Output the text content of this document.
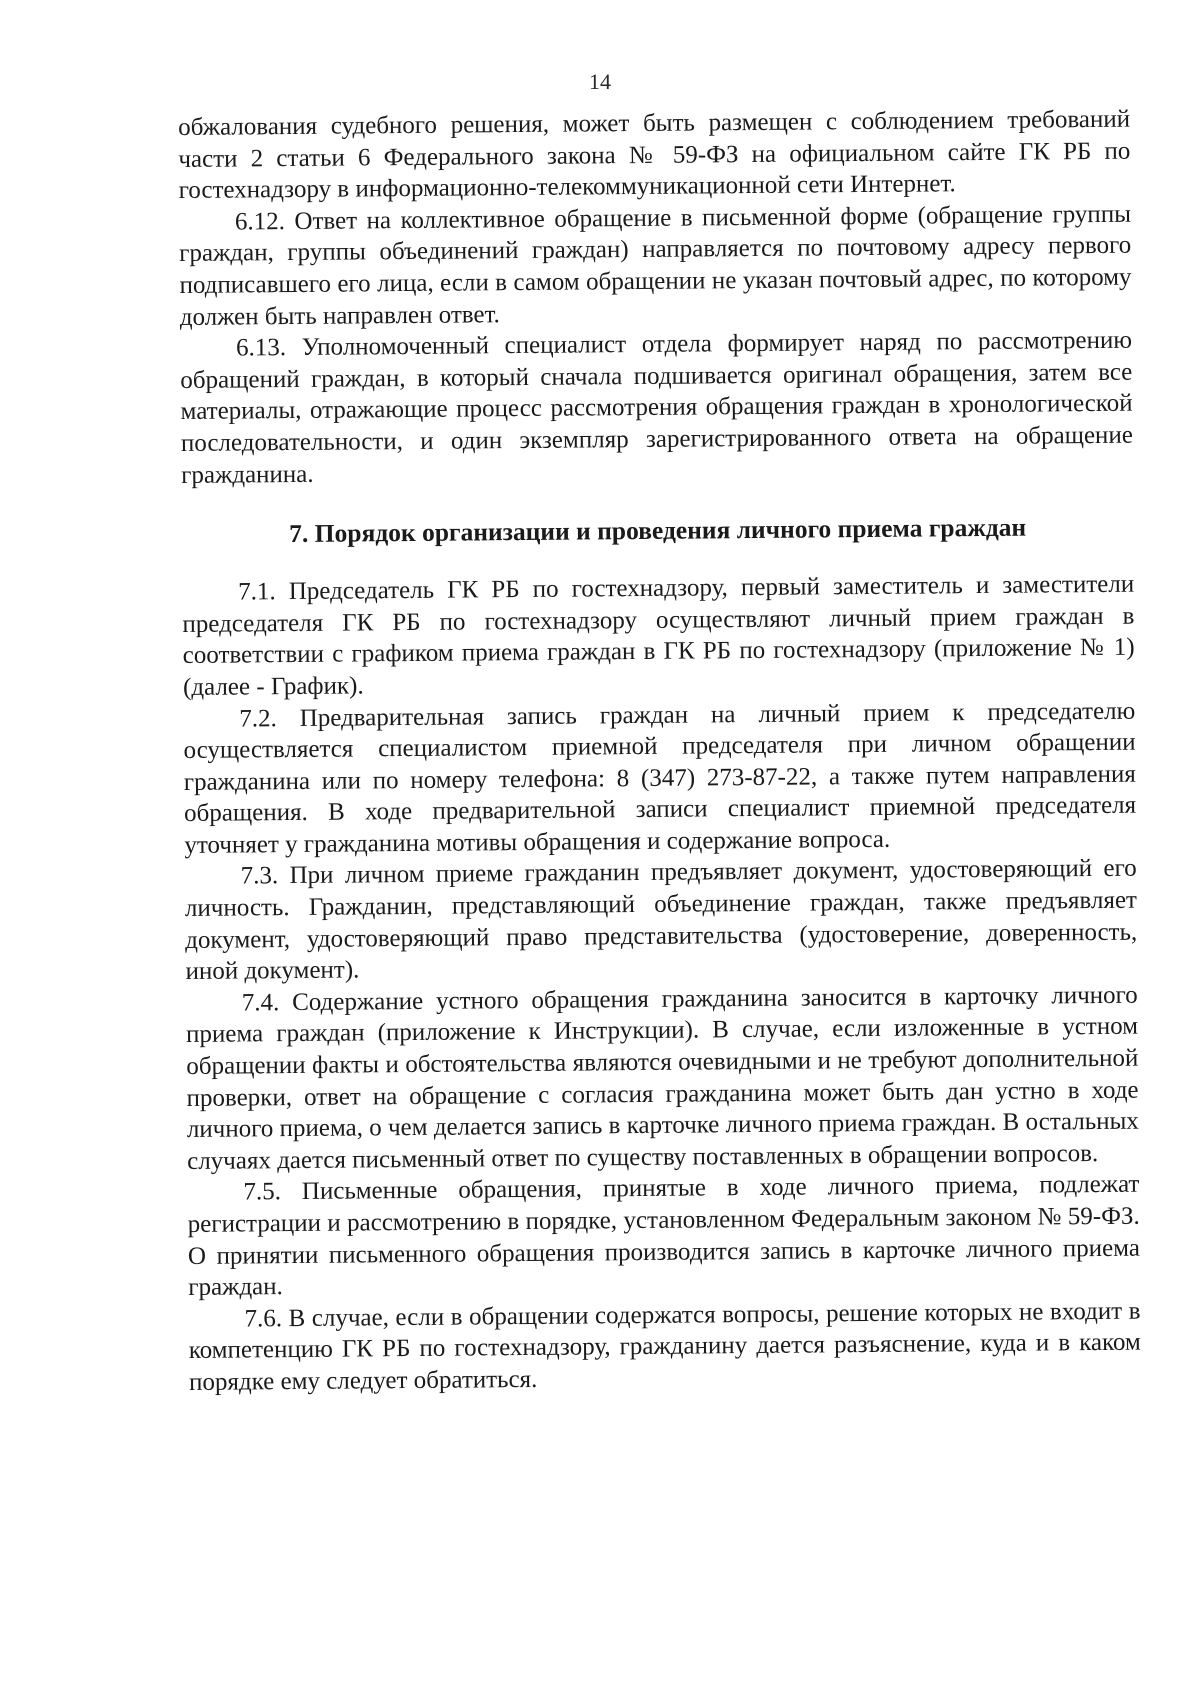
14

обжалования судебного решения, может быть размещен с соблюдением требований части 2 статьи 6 Федерального закона № 59-ФЗ на официальном сайте ГК РБ по гостехнадзору в информационно-телекоммуникационной сети Интернет.

6.12. Ответ на коллективное обращение в письменной форме (обращение группы граждан, группы объединений граждан) направляется по почтовому адресу первого подписавшего его лица, если в самом обращении не указан почтовый адрес, по которому должен быть направлен ответ.

6.13. Уполномоченный специалист отдела формирует наряд по рассмотрению обращений граждан, в который сначала подшивается оригинал обращения, затем все материалы, отражающие процесс рассмотрения обращения граждан в хронологической последовательности, и один экземпляр зарегистрированного ответа на обращение гражданина.

7. Порядок организации и проведения личного приема граждан

7.1. Председатель ГК РБ по гостехнадзору, первый заместитель и заместители председателя ГК РБ по гостехнадзору осуществляют личный прием граждан в соответствии с графиком приема граждан в ГК РБ по гостехнадзору (приложение № 1) (далее - График).

7.2. Предварительная запись граждан на личный прием к председателю осуществляется специалистом приемной председателя при личном обращении гражданина или по номеру телефона: 8 (347) 273-87-22, а также путем направления обращения. В ходе предварительной записи специалист приемной председателя уточняет у гражданина мотивы обращения и содержание вопроса.

7.3. При личном приеме гражданин предъявляет документ, удостоверяющий его личность. Гражданин, представляющий объединение граждан, также предъявляет документ, удостоверяющий право представительства (удостоверение, доверенность, иной документ).

7.4. Содержание устного обращения гражданина заносится в карточку личного приема граждан (приложение к Инструкции). В случае, если изложенные в устном обращении факты и обстоятельства являются очевидными и не требуют дополнительной проверки, ответ на обращение с согласия гражданина может быть дан устно в ходе личного приема, о чем делается запись в карточке личного приема граждан. В остальных случаях дается письменный ответ по существу поставленных в обращении вопросов.

7.5. Письменные обращения, принятые в ходе личного приема, подлежат регистрации и рассмотрению в порядке, установленном Федеральным законом № 59-ФЗ. О принятии письменного обращения производится запись в карточке личного приема граждан.

7.6. В случае, если в обращении содержатся вопросы, решение которых не входит в компетенцию ГК РБ по гостехнадзору, гражданину дается разъяснение, куда и в каком порядке ему следует обратиться.
